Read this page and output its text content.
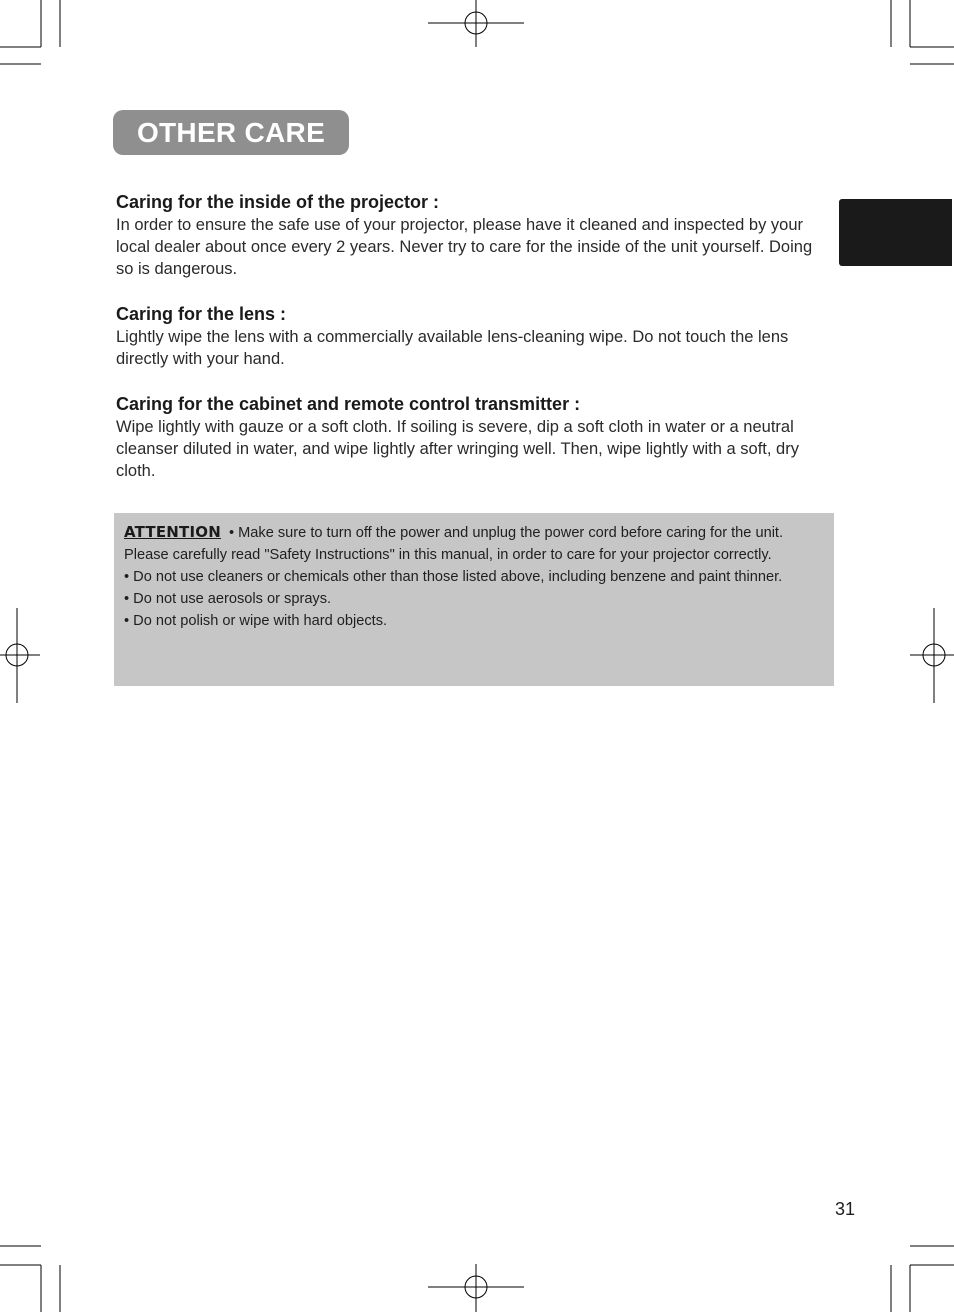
OTHER CARE
Caring for the inside of the projector :

In order to ensure the safe use of your projector, please have it cleaned and inspected by your local dealer about once every 2 years. Never try to care for the inside of the unit yourself. Doing so is dangerous.

Caring for the lens :

Lightly wipe the lens with a commercially available lens-cleaning wipe. Do not touch the lens directly with your hand.

Caring for the cabinet and remote control transmitter :

Wipe lightly with gauze or a soft cloth. If soiling is severe, dip a soft cloth in water or a neutral cleanser diluted in water, and wipe lightly after wringing well. Then, wipe lightly with a soft, dry cloth.

ATTENTION • Make sure to turn off the power and unplug the power cord before caring for the unit. Please carefully read "Safety Instructions" in this manual, in order to care for your projector correctly.

• Do not use cleaners or chemicals other than those listed above, including benzene and paint thinner.

• Do not use aerosols or sprays.

• Do not polish or wipe with hard objects.

31
